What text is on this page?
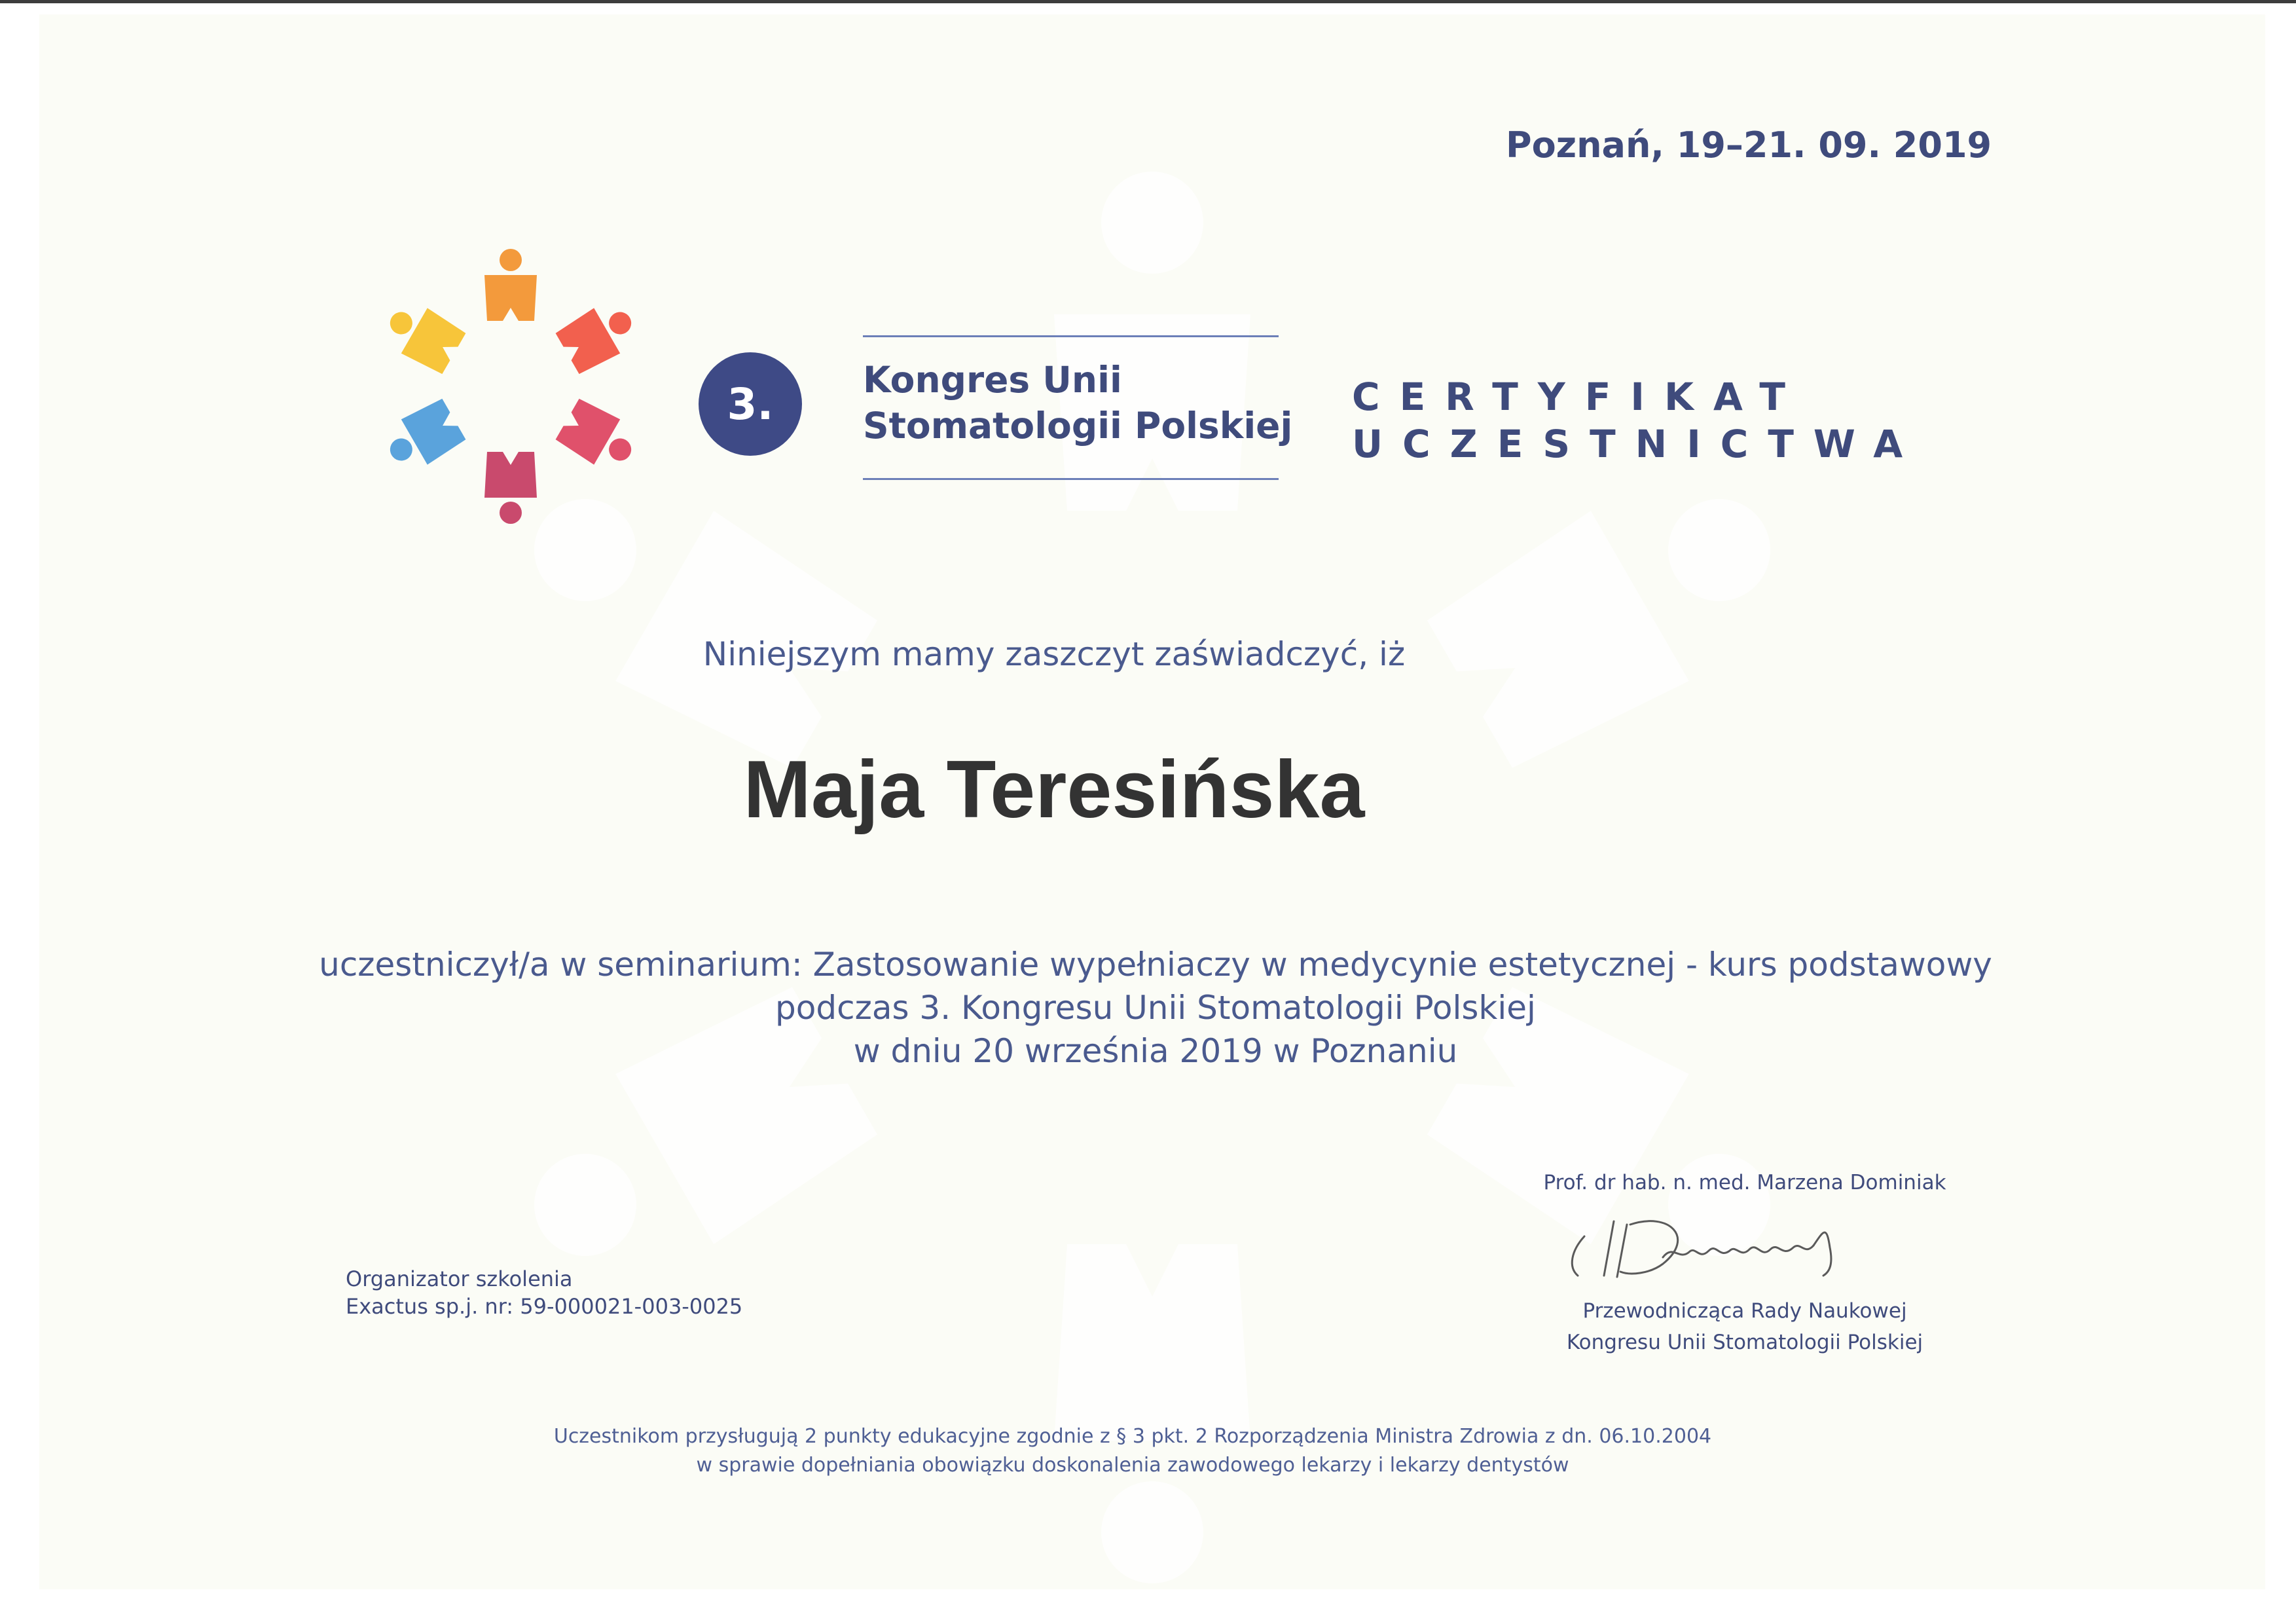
Poznań, 19–21. 09. 2019
3.	Kongres Unii
Stomatologii Polskiej
CERTYFIKAT
UCZESTNICTWA
Niniejszym mamy zaszczyt zaświadczyć, iż
Maja Teresińska
uczestniczył/a w seminarium: Zastosowanie wypełniaczy w medycynie estetycznej - kurs podstawowy
podczas 3. Kongresu Unii Stomatologii Polskiej
w dniu 20 września 2019 w Poznaniu
Organizator szkolenia
Exactus sp.j. nr: 59-000021-003-0025
Prof. dr hab. n. med. Marzena Dominiak
Przewodnicząca Rady Naukowej
Kongresu Unii Stomatologii Polskiej
Uczestnikom przysługują 2 punkty edukacyjne zgodnie z § 3 pkt. 2 Rozporządzenia Ministra Zdrowia z dn. 06.10.2004
w sprawie dopełniania obowiązku doskonalenia zawodowego lekarzy i lekarzy dentystów
